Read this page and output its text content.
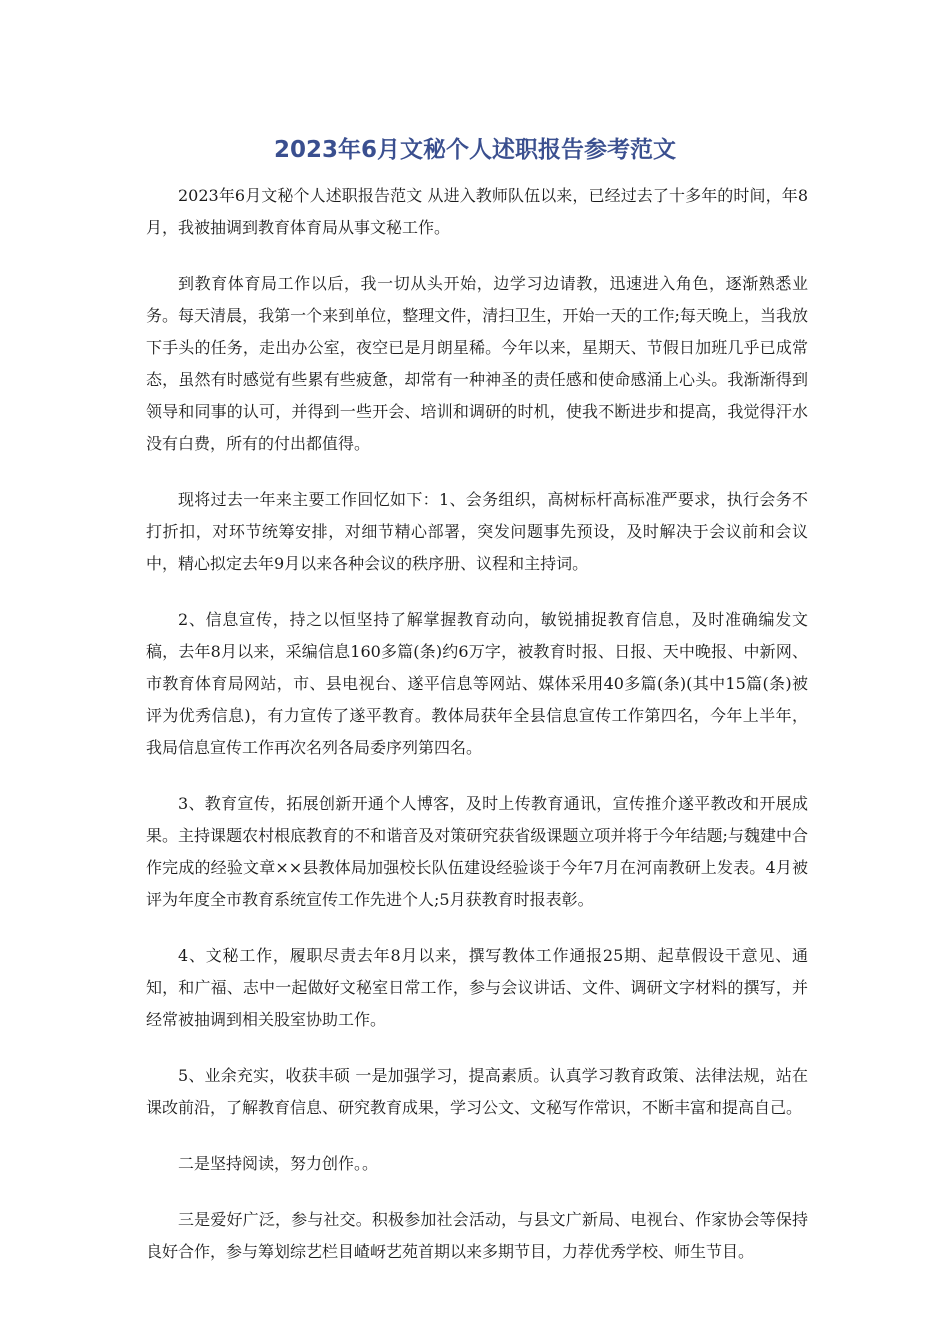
2023年6月文秘个人述职报告参考范文

2023年6月文秘个人述职报告范文 从进入教师队伍以来，已经过去了十多年的时间，年8月，我被抽调到教育体育局从事文秘工作。

到教育体育局工作以后，我一切从头开始，边学习边请教，迅速进入角色，逐渐熟悉业务。每天清晨，我第一个来到单位，整理文件，清扫卫生，开始一天的工作;每天晚上，当我放下手头的任务，走出办公室，夜空已是月朗星稀。今年以来，星期天、节假日加班几乎已成常态，虽然有时感觉有些累有些疲惫，却常有一种神圣的责任感和使命感涌上心头。我渐渐得到领导和同事的认可，并得到一些开会、培训和调研的时机，使我不断进步和提高，我觉得汗水没有白费，所有的付出都值得。

现将过去一年来主要工作回忆如下：1、会务组织，高树标杆高标准严要求，执行会务不打折扣，对环节统筹安排，对细节精心部署，突发问题事先预设，及时解决于会议前和会议中，精心拟定去年9月以来各种会议的秩序册、议程和主持词。

2、信息宣传，持之以恒坚持了解掌握教育动向，敏锐捕捉教育信息，及时准确编发文稿，去年8月以来，采编信息160多篇(条)约6万字，被教育时报、日报、天中晚报、中新网、市教育体育局网站，市、县电视台、遂平信息等网站、媒体采用40多篇(条)(其中15篇(条)被评为优秀信息)，有力宣传了遂平教育。教体局获年全县信息宣传工作第四名，今年上半年，我局信息宣传工作再次名列各局委序列第四名。

3、教育宣传，拓展创新开通个人博客，及时上传教育通讯，宣传推介遂平教改和开展成果。主持课题农村根底教育的不和谐音及对策研究获省级课题立项并将于今年结题;与魏建中合作完成的经验文章××县教体局加强校长队伍建设经验谈于今年7月在河南教研上发表。4月被评为年度全市教育系统宣传工作先进个人;5月获教育时报表彰。

4、文秘工作，履职尽责去年8月以来，撰写教体工作通报25期、起草假设干意见、通知，和广福、志中一起做好文秘室日常工作，参与会议讲话、文件、调研文字材料的撰写，并经常被抽调到相关股室协助工作。

5、业余充实，收获丰硕 一是加强学习，提高素质。认真学习教育政策、法律法规，站在课改前沿，了解教育信息、研究教育成果，学习公文、文秘写作常识，不断丰富和提高自己。

二是坚持阅读，努力创作。。

三是爱好广泛，参与社交。积极参加社会活动，与县文广新局、电视台、作家协会等保持良好合作，参与筹划综艺栏目嵖岈艺苑首期以来多期节目，力荐优秀学校、师生节目。
